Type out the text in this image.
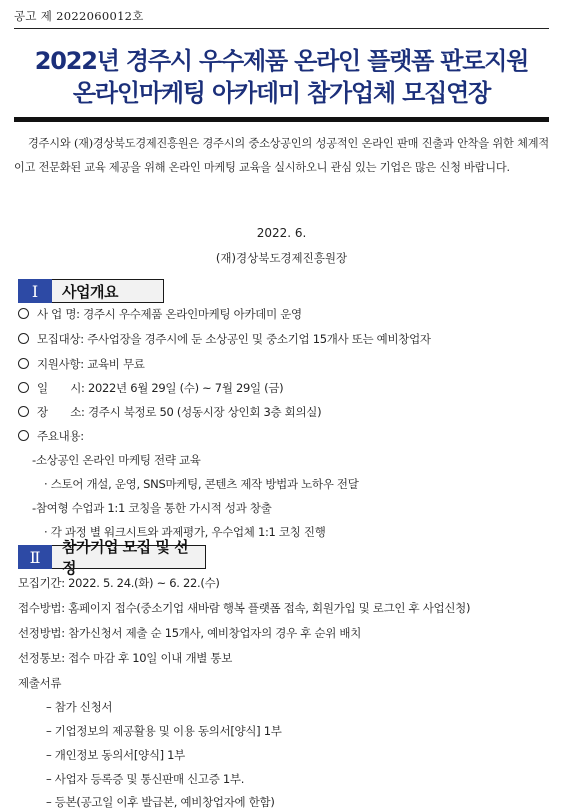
공고 제 2022060012호
2022년 경주시 우수제품 온라인 플랫폼 판로지원
온라인마케팅 아카데미 참가업체 모집연장
경주시와 (재)경상북도경제진흥원은 경주시의 중소상공인의 성공적인 온라인 판매 진출과 안착을 위한 체계적이고 전문화된 교육 제공을 위해 온라인 마케팅 교육을 실시하오니 관심 있는 기업은 많은 신청 바랍니다.
2022. 6.
(재)경상북도경제진흥원장
Ⅰ	사업개요
사 업 명: 경주시 우수제품 온라인마케팅 아카데미 운영
모집대상: 주사업장을 경주시에 둔 소상공인 및 중소기업 15개사 또는 예비창업자
지원사항: 교육비 무료
일　　시: 2022년 6월 29일 (수) ~ 7월 29일 (금)
장　　소: 경주시 북정로 50 (성동시장 상인회 3층 회의실)
주요내용:
-소상공인 온라인 마케팅 전략 교육
· 스토어 개설, 운영, SNS마케팅, 콘텐츠 제작 방법과 노하우 전달
-참여형 수업과 1:1 코칭을 통한 가시적 성과 창출
· 각 과정 별 워크시트와 과제평가, 우수업체 1:1 코칭 진행
Ⅱ
참가기업 모집 및 선정
모집기간: 2022. 5. 24.(화) ~ 6. 22.(수)
접수방법: 홈페이지 접수(중소기업 새바람 행복 플랫폼 접속, 회원가입 및 로그인 후 사업신청)
선정방법: 참가신청서 제출 순 15개사, 예비창업자의 경우 후 순위 배치
선정통보: 접수 마감 후 10일 이내 개별 통보
제출서류
– 참가 신청서
– 기업정보의 제공활용 및 이용 동의서[양식] 1부
– 개인정보 동의서[양식] 1부
– 사업자 등록증 및 통신판매 신고증 1부.
– 등본(공고일 이후 발급본, 예비창업자에 한함)
